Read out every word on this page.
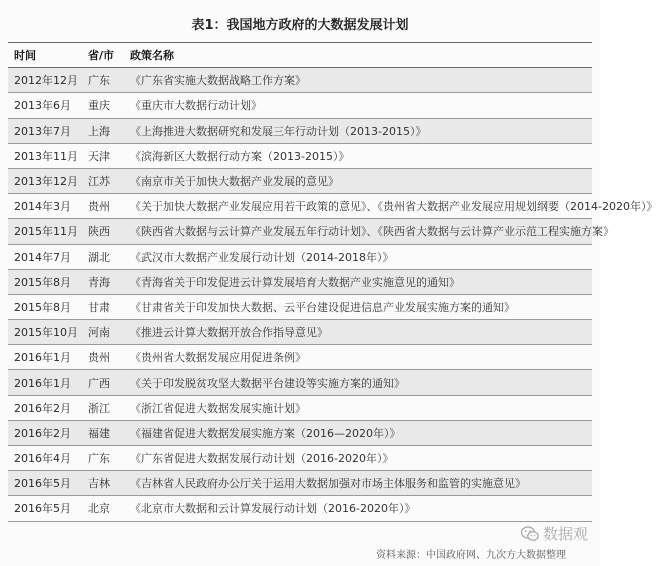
表1：我国地方政府的大数据发展计划
时间	省/市	政策名称
2012年12月	广东	《广东省实施大数据战略工作方案》
2013年6月	重庆	《重庆市大数据行动计划》
2013年7月	上海	《上海推进大数据研究和发展三年行动计划（2013-2015）》
2013年11月	天津	《滨海新区大数据行动方案（2013-2015）》
2013年12月	江苏	《南京市关于加快大数据产业发展的意见》
2014年3月	贵州	《关于加快大数据产业发展应用若干政策的意见》、《贵州省大数据产业发展应用规划纲要（2014-2020年）》
2015年11月	陕西	《陕西省大数据与云计算产业发展五年行动计划》、《陕西省大数据与云计算产业示范工程实施方案》
2014年7月	湖北	《武汉市大数据产业发展行动计划（2014-2018年）》
2015年8月	青海	《青海省关于印发促进云计算发展培育大数据产业实施意见的通知》
2015年8月	甘肃	《甘肃省关于印发加快大数据、云平台建设促进信息产业发展实施方案的通知》
2015年10月	河南	《推进云计算大数据开放合作指导意见》
2016年1月	贵州	《贵州省大数据发展应用促进条例》
2016年1月	广西	《关于印发脱贫攻坚大数据平台建设等实施方案的通知》
2016年2月	浙江	《浙江省促进大数据发展实施计划》
2016年2月	福建	《福建省促进大数据发展实施方案（2016—2020年）》
2016年4月	广东	《广东省促进大数据发展行动计划（2016-2020年）》
2016年5月	吉林	《吉林省人民政府办公厅关于运用大数据加强对市场主体服务和监管的实施意见》
2016年5月	北京	《北京市大数据和云计算发展行动计划（2016-2020年）》
数据观
资料来源：中国政府网、九次方大数据整理
